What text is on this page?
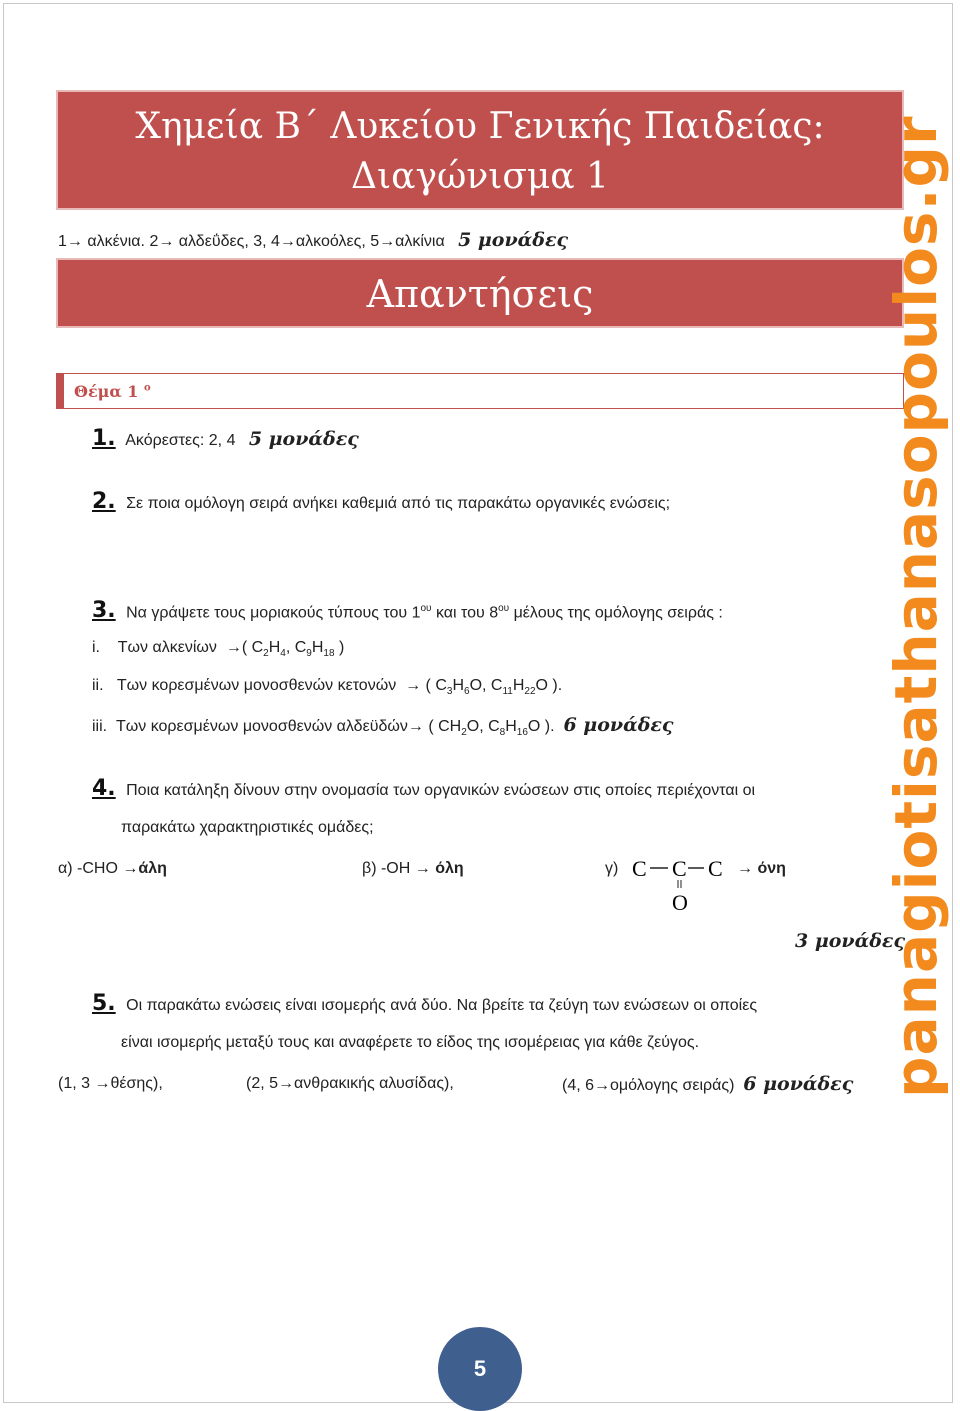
Χημεία Β΄ Λυκείου Γενικής Παιδείας:
Διαγώνισμα 1
Απαντήσεις
Θέμα 1 $^o$
1. Ακόρεστες: 2, 4 5 μονάδες
2. Σε ποια ομόλογη σειρά ανήκει καθεμιά από τις παρακάτω οργανικές ενώσεις;
1→ αλκένια. 2→ αλδεΰδες, 3, 4→αλκοόλες, 5→αλκίνια 5 μονάδες
3. Να γράψετε τους μοριακούς τύπους του $1^{o\upsilon}$ και του $8^{o\upsilon}$ μέλους της ομόλογης σειράς :
i. Των αλκενίων →( $C_2H_4$, $C_9H_{18}$ )
ii. Των κορεσμένων μονοσθενών κετονών → ( $C_3H_6O$, $C_{11}H_{22}O$ ).
iii. Των κορεσμένων μονοσθενών αλδεϋδών→ ( $CH_2O$, $C_8H_{16}O$ ).  6 μονάδες
4. Ποια κατάληξη δίνουν στην ονομασία των οργανικών ενώσεων στις οποίες περιέχονται οι
παρακάτω χαρακτηριστικές ομάδες;
α) -CHO →άλη	β) -OH → όλη	γ) C C C
O
→ όνη
3 μονάδες
5. Οι παρακάτω ενώσεις είναι ισομερής ανά δύο. Να βρείτε τα ζεύγη των ενώσεων οι οποίες
είναι ισομερής μεταξύ τους και αναφέρετε το είδος της ισομέρειας για κάθε ζεύγος.
(1, 3 →θέσης),	(2, 5→ανθρακικής αλυσίδας),	(4, 6→ομόλογης σειράς) 6 μονάδες panagiotisathanasopoulos.gr
5
